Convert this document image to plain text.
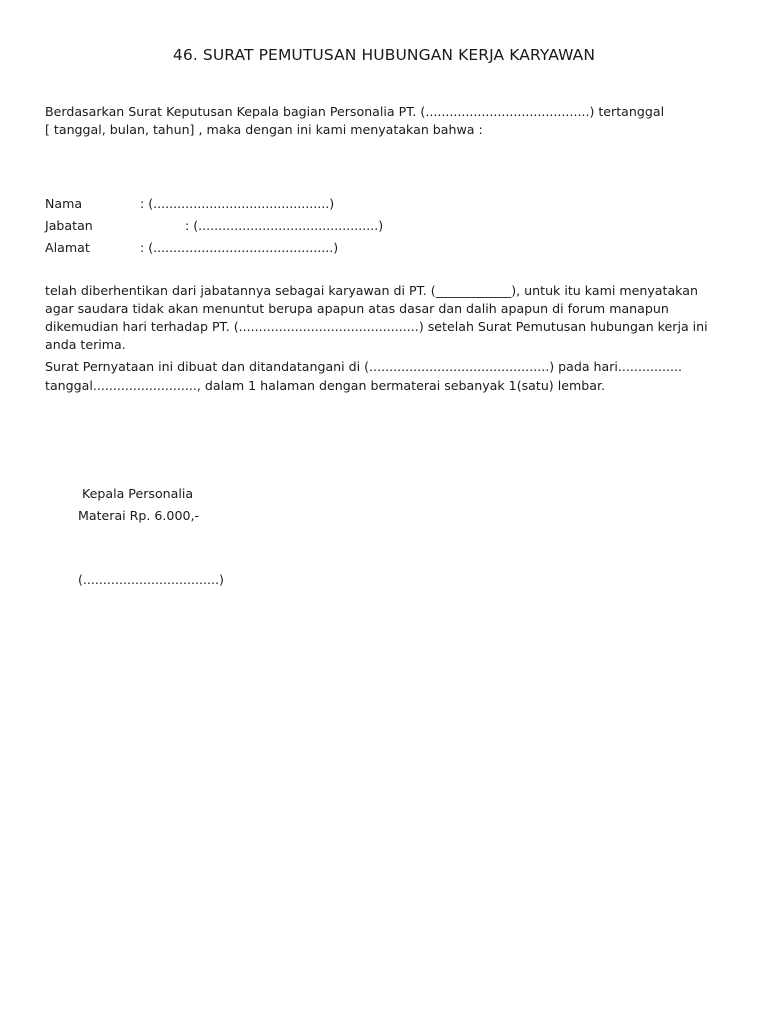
46. SURAT PEMUTUSAN HUBUNGAN KERJA KARYAWAN
Berdasarkan Surat Keputusan Kepala bagian Personalia PT. (.........................................) tertanggal
[ tanggal, bulan, tahun] , maka dengan ini kami menyatakan bahwa :
Nama	: (............................................)
Jabatan	: (.............................................)
Alamat	: (.............................................)
telah diberhentikan dari jabatannya sebagai karyawan di PT. (____________), untuk itu kami menyatakan
agar saudara tidak akan menuntut berupa apapun atas dasar dan dalih apapun di forum manapun
dikemudian hari terhadap PT. (.............................................) setelah Surat Pemutusan hubungan kerja ini
anda terima.
Surat Pernyataan ini dibuat dan ditandatangani di (.............................................) pada hari................
tanggal.........................., dalam 1 halaman dengan bermaterai sebanyak 1(satu) lembar.
Kepala Personalia
Materai Rp. 6.000,-
(..................................)
